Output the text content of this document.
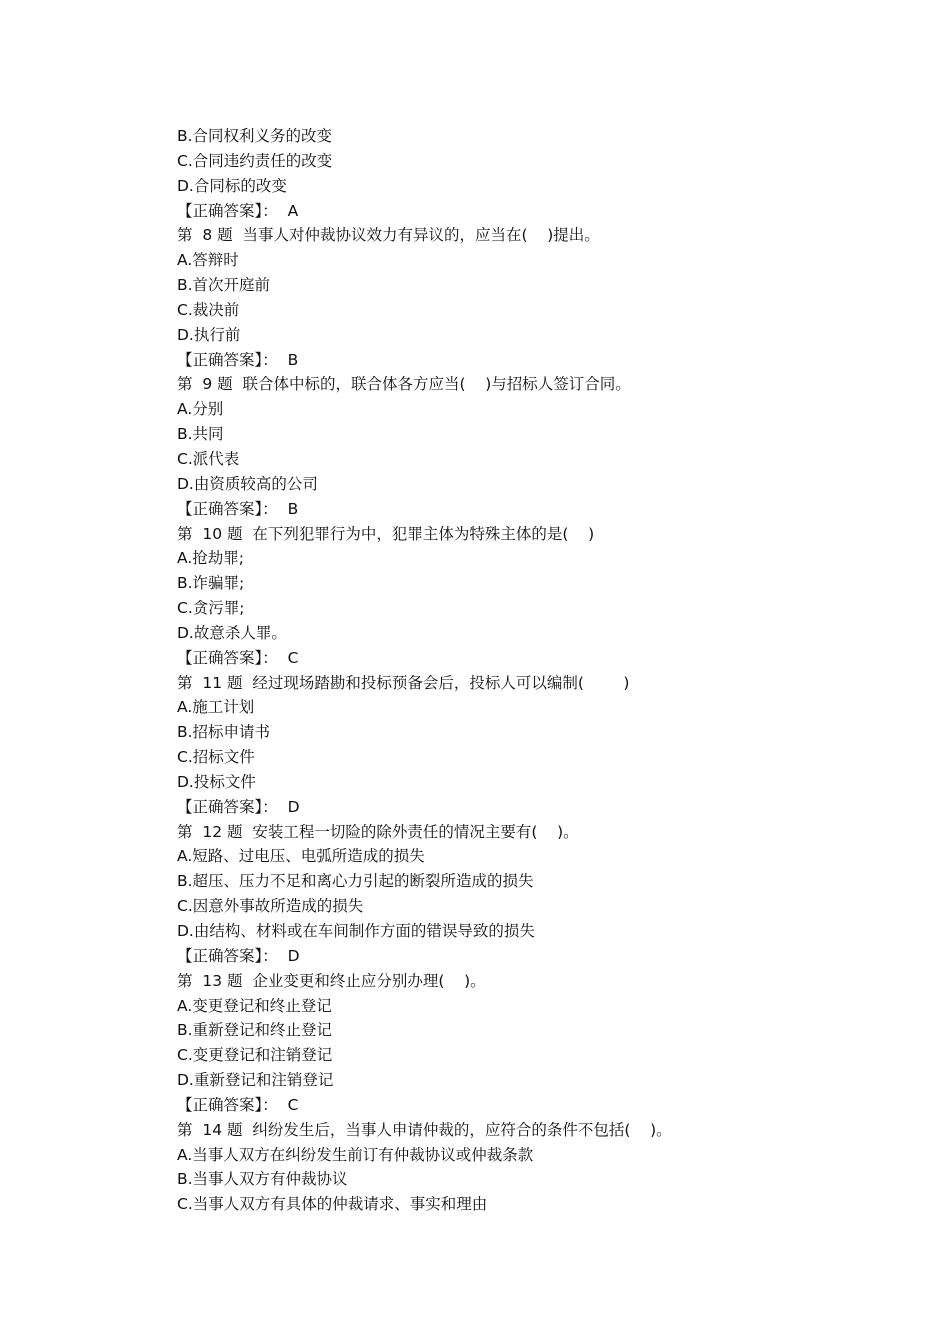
B.合同权利义务的改变
C.合同违约责任的改变
D.合同标的改变
【正确答案】：  A
第  8 题  当事人对仲裁协议效力有异议的，应当在(    )提出。
A.答辩时
B.首次开庭前
C.裁决前
D.执行前
【正确答案】：  B
第  9 题  联合体中标的，联合体各方应当(    )与招标人签订合同。
A.分别
B.共同
C.派代表
D.由资质较高的公司
【正确答案】：  B
第  10 题  在下列犯罪行为中，犯罪主体为特殊主体的是(    )
A.抢劫罪;
B.诈骗罪;
C.贪污罪;
D.故意杀人罪。
【正确答案】：  C
第  11 题  经过现场踏勘和投标预备会后，投标人可以编制(        )
A.施工计划
B.招标申请书
C.招标文件
D.投标文件
【正确答案】：  D
第  12 题  安装工程一切险的除外责任的情况主要有(    )。
A.短路、过电压、电弧所造成的损失
B.超压、压力不足和离心力引起的断裂所造成的损失
C.因意外事故所造成的损失
D.由结构、材料或在车间制作方面的错误导致的损失
【正确答案】：  D
第  13 题  企业变更和终止应分别办理(    )。
A.变更登记和终止登记
B.重新登记和终止登记
C.变更登记和注销登记
D.重新登记和注销登记
【正确答案】：  C
第  14 题  纠纷发生后，当事人申请仲裁的，应符合的条件不包括(    )。
A.当事人双方在纠纷发生前订有仲裁协议或仲裁条款
B.当事人双方有仲裁协议
C.当事人双方有具体的仲裁请求、事实和理由
